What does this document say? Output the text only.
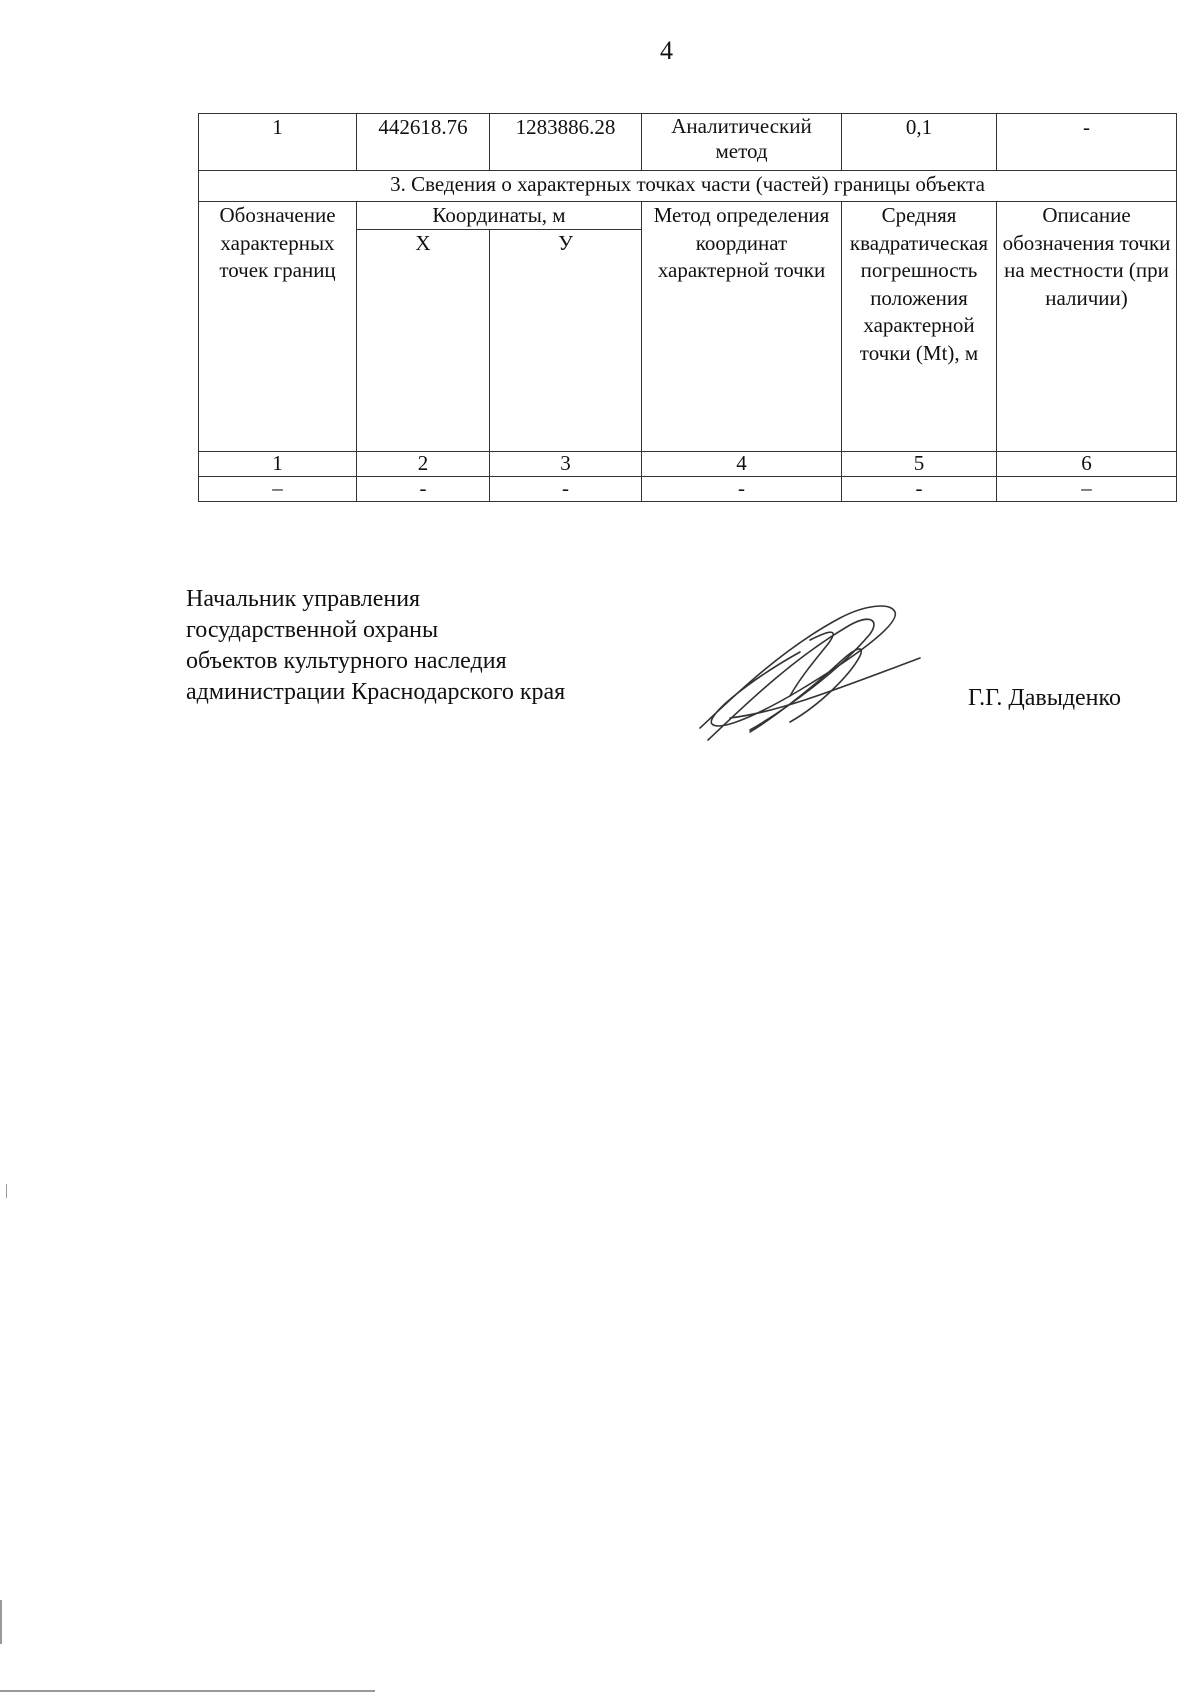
4
1	442618.76	1283886.28	Аналитический метод	0,1	-
3. Сведения о характерных точках части (частей) границы объекта					
Обозначение характерных точек границ	Координаты, м		Метод определения координат характерной точки	Средняя квадратическая погрешность положения характерной точки (Mt), м	Описание обозначения точки на местности (при наличии)
	Х	У			
1	2	3	4	5	6
–	-	-	-	-	–
Начальник управления
государственной охраны
объектов культурного наследия
администрации Краснодарского края	Г.Г. Давыденко
